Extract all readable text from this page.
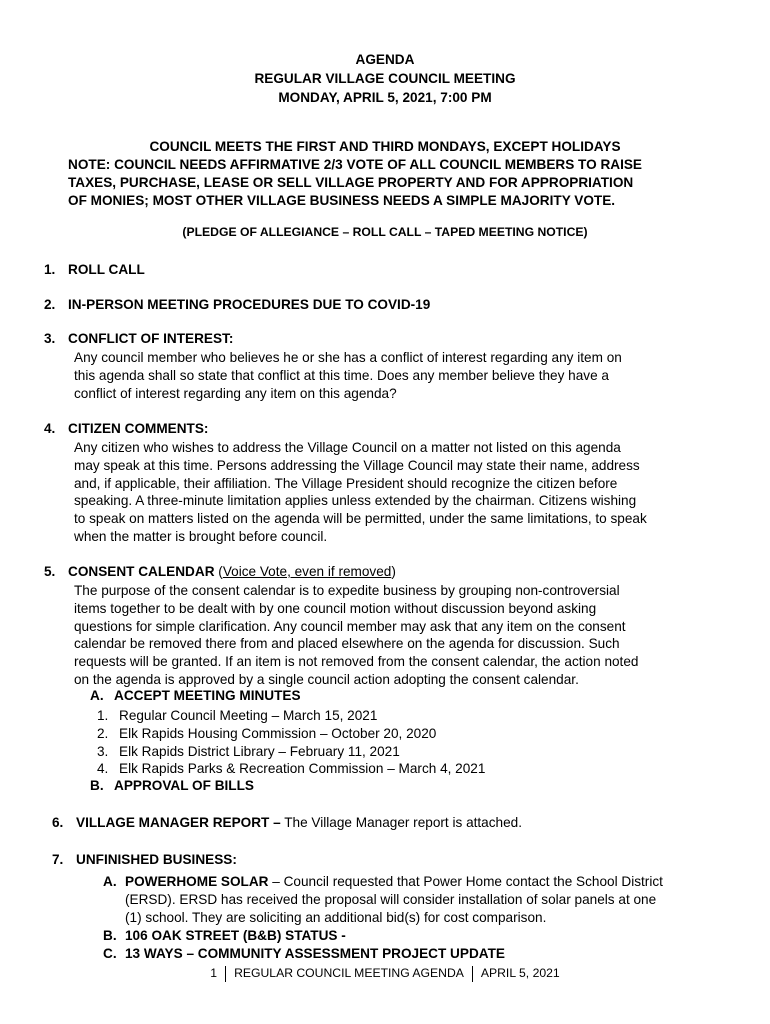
AGENDA
REGULAR VILLAGE COUNCIL MEETING
MONDAY, APRIL 5, 2021, 7:00 PM
COUNCIL MEETS THE FIRST AND THIRD MONDAYS, EXCEPT HOLIDAYS
NOTE: COUNCIL NEEDS AFFIRMATIVE 2/3 VOTE OF ALL COUNCIL MEMBERS TO RAISE
TAXES, PURCHASE, LEASE OR SELL VILLAGE PROPERTY AND FOR APPROPRIATION
OF MONIES; MOST OTHER VILLAGE BUSINESS NEEDS A SIMPLE MAJORITY VOTE.
(PLEDGE OF ALLEGIANCE – ROLL CALL – TAPED MEETING NOTICE)
1. ROLL CALL
2. IN-PERSON MEETING PROCEDURES DUE TO COVID-19
3. CONFLICT OF INTEREST:
Any council member who believes he or she has a conflict of interest regarding any item on
this agenda shall so state that conflict at this time. Does any member believe they have a
conflict of interest regarding any item on this agenda?
4. CITIZEN COMMENTS:
Any citizen who wishes to address the Village Council on a matter not listed on this agenda
may speak at this time. Persons addressing the Village Council may state their name, address
and, if applicable, their affiliation. The Village President should recognize the citizen before
speaking. A three-minute limitation applies unless extended by the chairman. Citizens wishing
to speak on matters listed on the agenda will be permitted, under the same limitations, to speak
when the matter is brought before council.
5. CONSENT CALENDAR (Voice Vote, even if removed)
The purpose of the consent calendar is to expedite business by grouping non-controversial
items together to be dealt with by one council motion without discussion beyond asking
questions for simple clarification. Any council member may ask that any item on the consent
calendar be removed there from and placed elsewhere on the agenda for discussion. Such
requests will be granted. If an item is not removed from the consent calendar, the action noted
on the agenda is approved by a single council action adopting the consent calendar.
A. ACCEPT MEETING MINUTES
1. Regular Council Meeting – March 15, 2021
2. Elk Rapids Housing Commission – October 20, 2020
3. Elk Rapids District Library – February 11, 2021
4. Elk Rapids Parks & Recreation Commission – March 4, 2021
B. APPROVAL OF BILLS
6. VILLAGE MANAGER REPORT – The Village Manager report is attached.
7. UNFINISHED BUSINESS:
A. POWERHOME SOLAR – Council requested that Power Home contact the School District
(ERSD). ERSD has received the proposal will consider installation of solar panels at one
(1) school. They are soliciting an additional bid(s) for cost comparison.
B. 106 OAK STREET (B&B) STATUS -
C. 13 WAYS – COMMUNITY ASSESSMENT PROJECT UPDATE
1 REGULAR COUNCIL MEETING AGENDA APRIL 5, 2021
